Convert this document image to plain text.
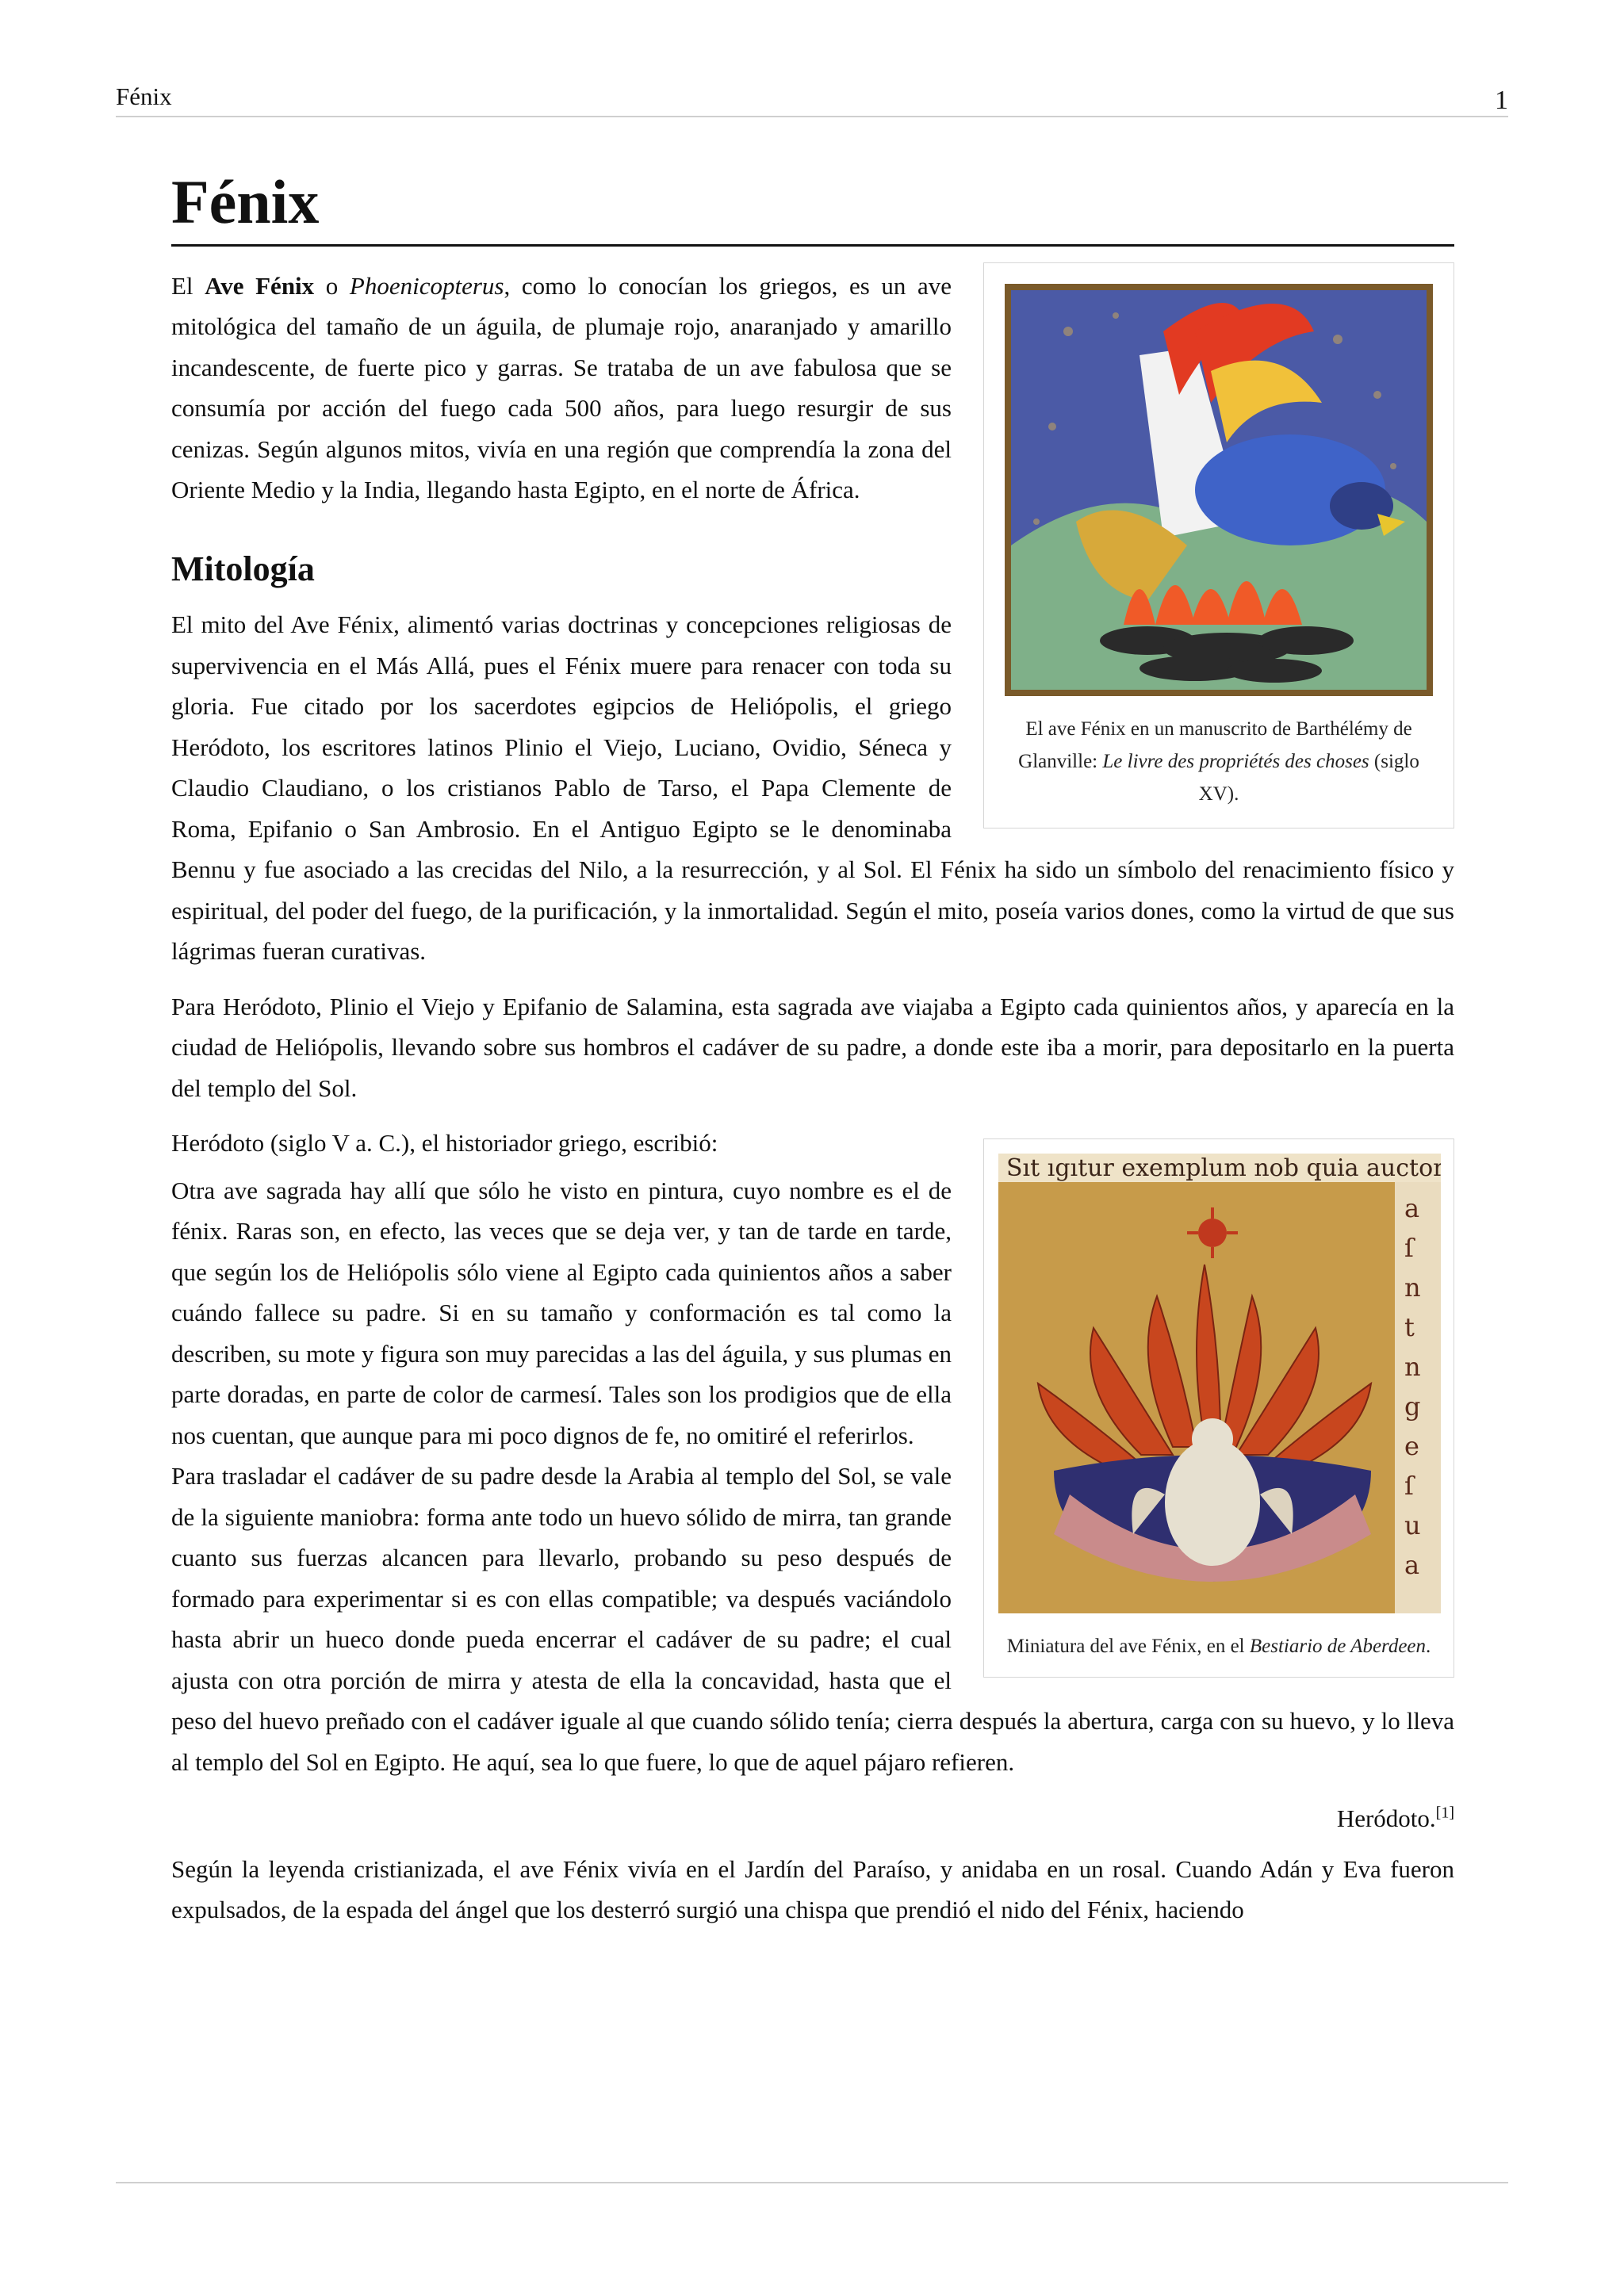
Fénix	1
Fénix
El ave Fénix en un manuscrito de Barthélémy de Glanville: Le livre des propriétés des choses (siglo XV).

El Ave Fénix o Phoenicopterus, como lo conocían los griegos, es un ave mitológica del tamaño de un águila, de plumaje rojo, anaranjado y amarillo incandescente, de fuerte pico y garras. Se trataba de un ave fabulosa que se consumía por acción del fuego cada 500 años, para luego resurgir de sus cenizas. Según algunos mitos, vivía en una región que comprendía la zona del Oriente Medio y la India, llegando hasta Egipto, en el norte de África.

Mitología

El mito del Ave Fénix, alimentó varias doctrinas y concepciones religiosas de supervivencia en el Más Allá, pues el Fénix muere para renacer con toda su gloria. Fue citado por los sacerdotes egipcios de Heliópolis, el griego Heródoto, los escritores latinos Plinio el Viejo, Luciano, Ovidio, Séneca y Claudio Claudiano, o los cristianos Pablo de Tarso, el Papa Clemente de Roma, Epifanio o San Ambrosio. En el Antiguo Egipto se le denominaba Bennu y fue asociado a las crecidas del Nilo, a la resurrección, y al Sol. El Fénix ha sido un símbolo del renacimiento físico y espiritual, del poder del fuego, de la purificación, y la inmortalidad. Según el mito, poseía varios dones, como la virtud de que sus lágrimas fueran curativas.

Para Heródoto, Plinio el Viejo y Epifanio de Salamina, esta sagrada ave viajaba a Egipto cada quinientos años, y aparecía en la ciudad de Heliópolis, llevando sobre sus hombros el cadáver de su padre, a donde este iba a morir, para depositarlo en la puerta del templo del Sol.

Sıt ıgıtur exemplum nob quia auctor c
a
ſ
n
t
n
g
e
ſ
u
a
Miniatura del ave Fénix, en el Bestiario de Aberdeen.

Heródoto (siglo V a. C.), el historiador griego, escribió:

Otra ave sagrada hay allí que sólo he visto en pintura, cuyo nombre es el de fénix. Raras son, en efecto, las veces que se deja ver, y tan de tarde en tarde, que según los de Heliópolis sólo viene al Egipto cada quinientos años a saber cuándo fallece su padre. Si en su tamaño y conformación es tal como la describen, su mote y figura son muy parecidas a las del águila, y sus plumas en parte doradas, en parte de color de carmesí. Tales son los prodigios que de ella nos cuentan, que aunque para mi poco dignos de fe, no omitiré el referirlos.

Para trasladar el cadáver de su padre desde la Arabia al templo del Sol, se vale de la siguiente maniobra: forma ante todo un huevo sólido de mirra, tan grande cuanto sus fuerzas alcancen para llevarlo, probando su peso después de formado para experimentar si es con ellas compatible; va después vaciándolo hasta abrir un hueco donde pueda encerrar el cadáver de su padre; el cual ajusta con otra porción de mirra y atesta de ella la concavidad, hasta que el peso del huevo preñado con el cadáver iguale al que cuando sólido tenía; cierra después la abertura, carga con su huevo, y lo lleva al templo del Sol en Egipto. He aquí, sea lo que fuere, lo que de aquel pájaro refieren.

Heródoto.[1]

Según la leyenda cristianizada, el ave Fénix vivía en el Jardín del Paraíso, y anidaba en un rosal. Cuando Adán y Eva fueron expulsados, de la espada del ángel que los desterró surgió una chispa que prendió el nido del Fénix, haciendo
